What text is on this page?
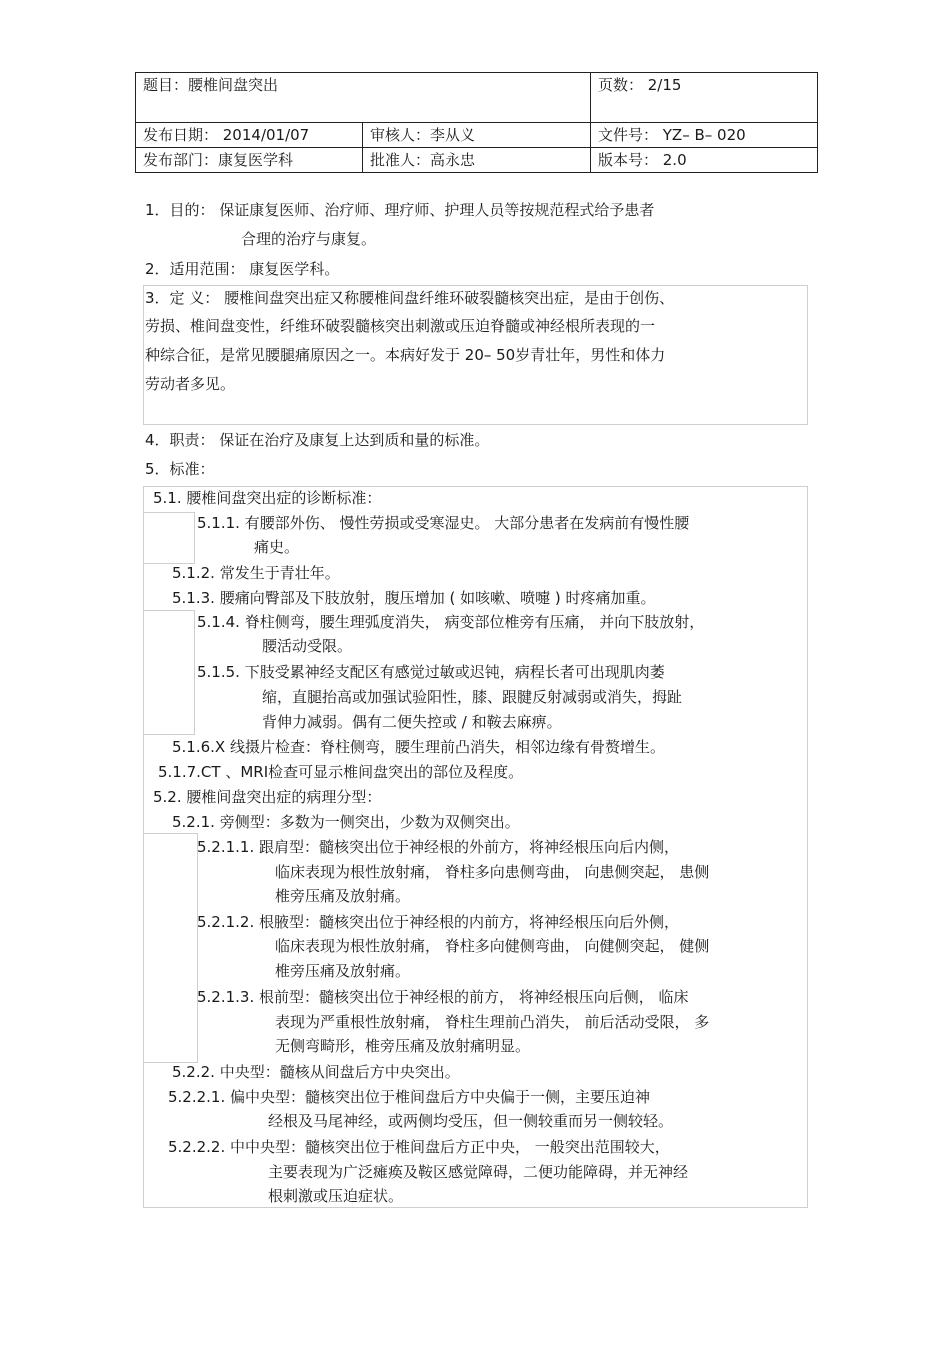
题目：腰椎间盘突出		页数： 2/15
发布日期： 2014/01/07	审核人：李从义	文件号： YZ– B– 020
发布部门：康复医学科	批准人：高永忠	版本号： 2.0
1．目的： 保证康复医师、治疗师、理疗师、护理人员等按规范程式给予患者
合理的治疗与康复。
2．适用范围： 康复医学科。
3．定 义： 腰椎间盘突出症又称腰椎间盘纤维环破裂髓核突出症，是由于创伤、
劳损、椎间盘变性，纤维环破裂髓核突出刺激或压迫脊髓或神经根所表现的一
种综合征，是常见腰腿痛原因之一。本病好发于 20– 50岁青壮年，男性和体力
劳动者多见。
4．职责： 保证在治疗及康复上达到质和量的标准。
5．标准：
5.1. 腰椎间盘突出症的诊断标准：
5.1.1. 有腰部外伤、 慢性劳损或受寒湿史。 大部分患者在发病前有慢性腰
痛史。
5.1.2. 常发生于青壮年。
5.1.3. 腰痛向臀部及下肢放射，腹压增加 ( 如咳嗽、喷嚏 ) 时疼痛加重。
5.1.4. 脊柱侧弯，腰生理弧度消失， 病变部位椎旁有压痛， 并向下肢放射，
腰活动受限。
5.1.5. 下肢受累神经支配区有感觉过敏或迟钝，病程长者可出现肌肉萎
缩，直腿抬高或加强试验阳性，膝、跟腱反射减弱或消失，拇趾
背伸力减弱。偶有二便失控或 / 和鞍去麻痹。
5.1.6.X 线摄片检查：脊柱侧弯，腰生理前凸消失，相邻边缘有骨赘增生。
5.1.7.CT 、MRI检查可显示椎间盘突出的部位及程度。
5.2. 腰椎间盘突出症的病理分型：
5.2.1. 旁侧型：多数为一侧突出，少数为双侧突出。
5.2.1.1. 跟肩型：髓核突出位于神经根的外前方，将神经根压向后内侧，
临床表现为根性放射痛， 脊柱多向患侧弯曲， 向患侧突起， 患侧
椎旁压痛及放射痛。
5.2.1.2. 根腋型：髓核突出位于神经根的内前方，将神经根压向后外侧，
临床表现为根性放射痛， 脊柱多向健侧弯曲， 向健侧突起， 健侧
椎旁压痛及放射痛。
5.2.1.3. 根前型：髓核突出位于神经根的前方， 将神经根压向后侧， 临床
表现为严重根性放射痛， 脊柱生理前凸消失， 前后活动受限， 多
无侧弯畸形，椎旁压痛及放射痛明显。
5.2.2. 中央型：髓核从间盘后方中央突出。
5.2.2.1. 偏中央型：髓核突出位于椎间盘后方中央偏于一侧，主要压迫神
经根及马尾神经，或两侧均受压，但一侧较重而另一侧较轻。
5.2.2.2. 中中央型：髓核突出位于椎间盘后方正中央， 一般突出范围较大，
主要表现为广泛瘫痪及鞍区感觉障碍，二便功能障碍，并无神经
根刺激或压迫症状。
